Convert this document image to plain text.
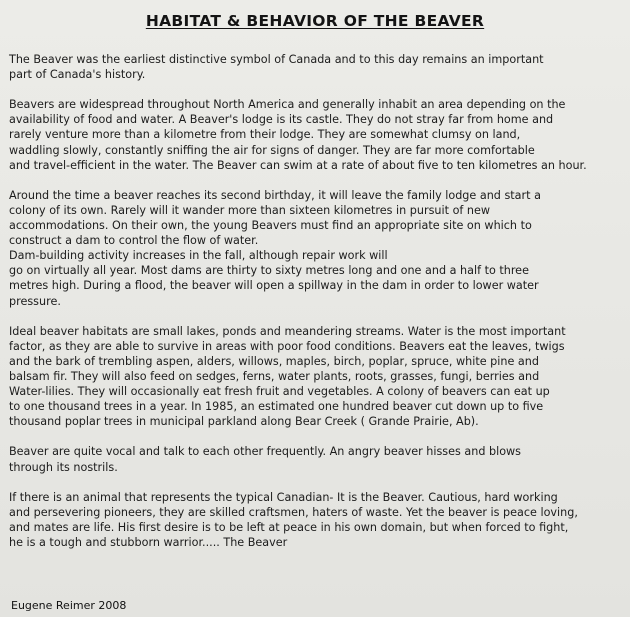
HABITAT & BEHAVIOR OF THE BEAVER

The Beaver was the earliest distinctive symbol of Canada and to this day remains an important
part of Canada's history.

Beavers are widespread throughout North America and generally inhabit an area depending on the
availability of food and water. A Beaver's lodge is its castle. They do not stray far from home and
rarely venture more than a kilometre from their lodge. They are somewhat clumsy on land,
waddling slowly, constantly sniffing the air for signs of danger. They are far more comfortable
and travel-efficient in the water. The Beaver can swim at a rate of about five to ten kilometres an hour.

Around the time a beaver reaches its second birthday, it will leave the family lodge and start a
colony of its own. Rarely will it wander more than sixteen kilometres in pursuit of new
accommodations. On their own, the young Beavers must find an appropriate site on which to
construct a dam to control the flow of water.
Dam-building activity increases in the fall, although repair work will
go on virtually all year. Most dams are thirty to sixty metres long and one and a half to three
metres high. During a flood, the beaver will open a spillway in the dam in order to lower water
pressure.

Ideal beaver habitats are small lakes, ponds and meandering streams. Water is the most important
factor, as they are able to survive in areas with poor food conditions. Beavers eat the leaves, twigs
and the bark of trembling aspen, alders, willows, maples, birch, poplar, spruce, white pine and
balsam fir. They will also feed on sedges, ferns, water plants, roots, grasses, fungi, berries and
Water-lilies. They will occasionally eat fresh fruit and vegetables. A colony of beavers can eat up
to one thousand trees in a year. In 1985, an estimated one hundred beaver cut down up to five
thousand poplar trees in municipal parkland along Bear Creek ( Grande Prairie, Ab).

Beaver are quite vocal and talk to each other frequently. An angry beaver hisses and blows
through its nostrils.

If there is an animal that represents the typical Canadian- It is the Beaver. Cautious, hard working
and persevering pioneers, they are skilled craftsmen, haters of waste. Yet the beaver is peace loving,
and mates are life. His first desire is to be left at peace in his own domain, but when forced to fight,
he is a tough and stubborn warrior..... The Beaver

Eugene Reimer 2008
